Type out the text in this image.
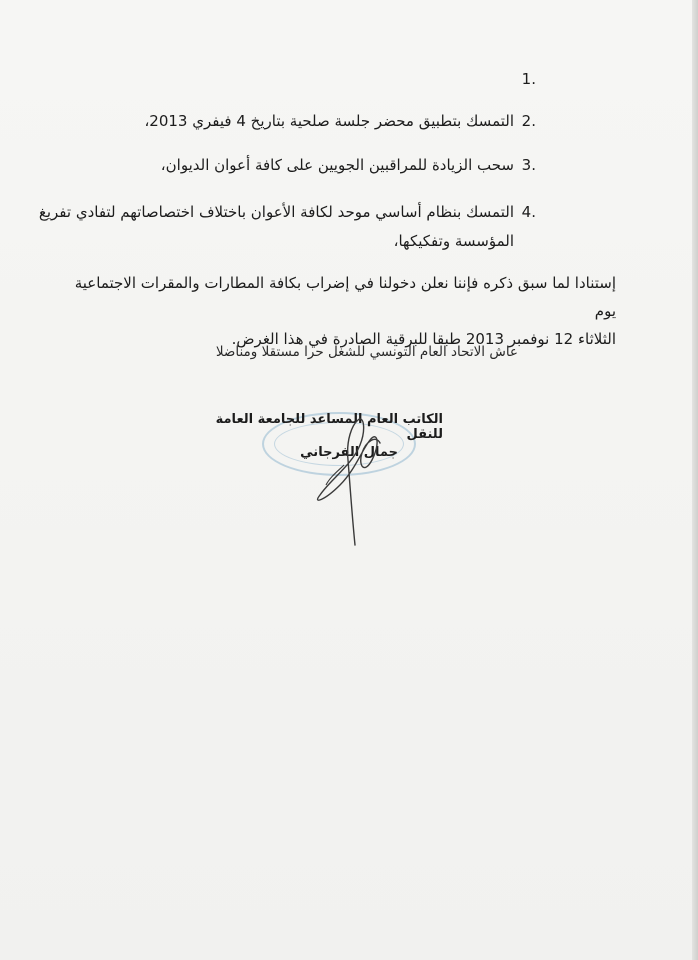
.1
.2
التمسك بتطبيق محضر جلسة صلحية بتاريخ 4 فيفري 2013،
.3
سحب الزيادة للمراقبين الجويين على كافة أعوان الديوان،
.4
التمسك بنظام أساسي موحد لكافة الأعوان باختلاف اختصاصاتهم لتفادي تفريغ
المؤسسة وتفكيكها،
إستنادا لما سبق ذكره فإننا نعلن دخولنا في إضراب بكافة المطارات والمقرات الاجتماعية يوم
الثلاثاء 12 نوفمبر 2013 طبقا للبرقية الصادرة في هذا الغرض.
عاش الاتحاد العام التونسي للشغل حرا مستقلا ومناضلا
الكاتب العام المساعد للجامعة العامة للنقل
جمال الفرجاني
